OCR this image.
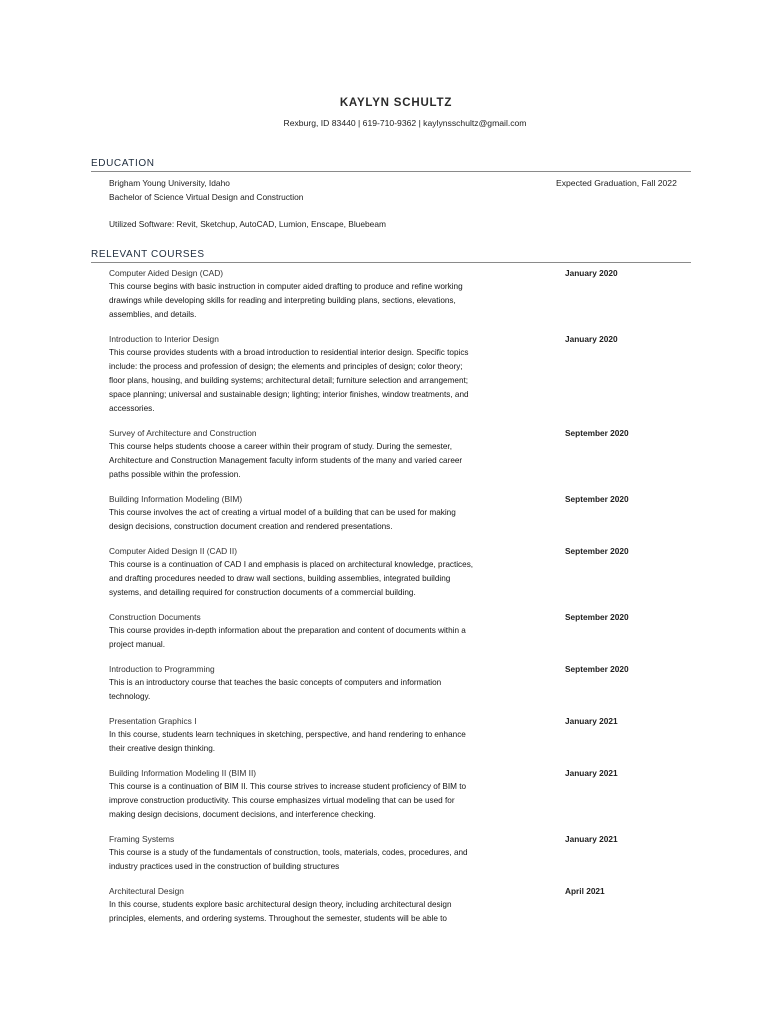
KAYLYN SCHULTZ
Rexburg, ID 83440 | 619-710-9362 | kaylynsschultz@gmail.com
EDUCATION
Brigham Young University, Idaho	Expected Graduation, Fall 2022
Bachelor of Science Virtual Design and Construction
Utilized Software: Revit, Sketchup, AutoCAD, Lumion, Enscape, Bluebeam
RELEVANT COURSES
Computer Aided Design (CAD)	January 2020
This course begins with basic instruction in computer aided drafting to produce and refine working
drawings while developing skills for reading and interpreting building plans, sections, elevations,
assemblies, and details.
Introduction to Interior Design	January 2020
This course provides students with a broad introduction to residential interior design. Specific topics
include: the process and profession of design; the elements and principles of design; color theory;
floor plans, housing, and building systems; architectural detail; furniture selection and arrangement;
space planning; universal and sustainable design; lighting; interior finishes, window treatments, and
accessories.
Survey of Architecture and Construction	September 2020
This course helps students choose a career within their program of study. During the semester,
Architecture and Construction Management faculty inform students of the many and varied career
paths possible within the profession.
Building Information Modeling (BIM)	September 2020
This course involves the act of creating a virtual model of a building that can be used for making
design decisions, construction document creation and rendered presentations.
Computer Aided Design II (CAD II)	September 2020
This course is a continuation of CAD I and emphasis is placed on architectural knowledge, practices,
and drafting procedures needed to draw wall sections, building assemblies, integrated building
systems, and detailing required for construction documents of a commercial building.
Construction Documents	September 2020
This course provides in-depth information about the preparation and content of documents within a
project manual.
Introduction to Programming	September 2020
This is an introductory course that teaches the basic concepts of computers and information
technology.
Presentation Graphics I	January 2021
In this course, students learn techniques in sketching, perspective, and hand rendering to enhance
their creative design thinking.
Building Information Modeling II (BIM II)	January 2021
This course is a continuation of BIM II. This course strives to increase student proficiency of BIM to
improve construction productivity. This course emphasizes virtual modeling that can be used for
making design decisions, document decisions, and interference checking.
Framing Systems	January 2021
This course is a study of the fundamentals of construction, tools, materials, codes, procedures, and
industry practices used in the construction of building structures
Architectural Design	April 2021
In this course, students explore basic architectural design theory, including architectural design
principles, elements, and ordering systems. Throughout the semester, students will be able to
